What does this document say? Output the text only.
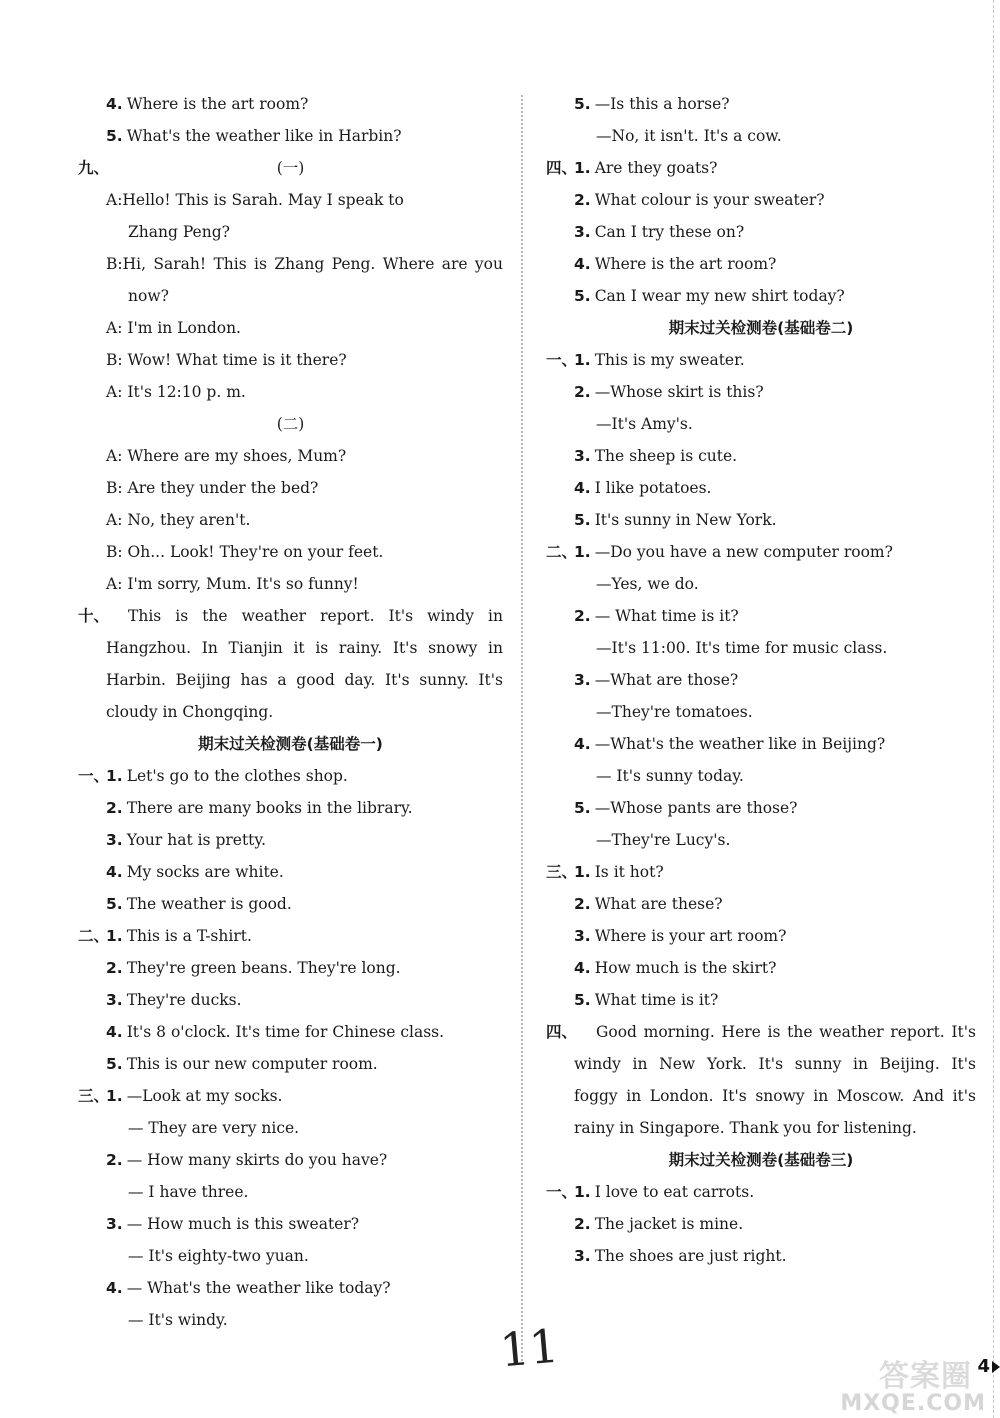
4. Where is the art room?
5. What's the weather like in Harbin?
九、	(一)
A:Hello! This is Sarah. May I speak to
Zhang Peng?
B:Hi, Sarah! This is Zhang Peng. Where are you
now?
A: I'm in London.
B: Wow! What time is it there?
A: It's 12:10 p. m.
(二)
A: Where are my shoes, Mum?
B: Are they under the bed?
A: No, they aren't.
B: Oh... Look! They're on your feet.
A: I'm sorry, Mum. It's so funny!
十、 This is the weather report. It's windy in
Hangzhou. In Tianjin it is rainy. It's snowy in
Harbin. Beijing has a good day. It's sunny. It's
cloudy in Chongqing.
期末过关检测卷(基础卷一)
一、
1. Let's go to the clothes shop.
2. There are many books in the library.
3. Your hat is pretty.
4. My socks are white.
5. The weather is good.
二、
1. This is a T-shirt.
2. They're green beans. They're long.
3. They're ducks.
4. It's 8 o'clock. It's time for Chinese class.
5. This is our new computer room.
三、
1. —Look at my socks.
— They are very nice.
2. — How many skirts do you have?
— I have three.
3. — How much is this sweater?
— It's eighty-two yuan.
4. — What's the weather like today?
— It's windy.
5. —Is this a horse?
—No, it isn't. It's a cow.
四、
1. Are they goats?
2. What colour is your sweater?
3. Can I try these on?
4. Where is the art room?
5. Can I wear my new shirt today?
期末过关检测卷(基础卷二)
一、
1. This is my sweater.
2. —Whose skirt is this?
—It's Amy's.
3. The sheep is cute.
4. I like potatoes.
5. It's sunny in New York.
二、
1. —Do you have a new computer room?
—Yes, we do.
2. — What time is it?
—It's 11:00. It's time for music class.
3. —What are those?
—They're tomatoes.
4. —What's the weather like in Beijing?
— It's sunny today.
5. —Whose pants are those?
—They're Lucy's.
三、
1. Is it hot?
2. What are these?
3. Where is your art room?
4. How much is the skirt?
5. What time is it?
四、 Good morning. Here is the weather report. It's
windy in New York. It's sunny in Beijing. It's
foggy in London. It's snowy in Moscow. And it's
rainy in Singapore. Thank you for listening.
期末过关检测卷(基础卷三)
一、
1. I love to eat carrots.
2. The jacket is mine.
3. The shoes are just right.
11	4
答案圈
MXQE.COM
